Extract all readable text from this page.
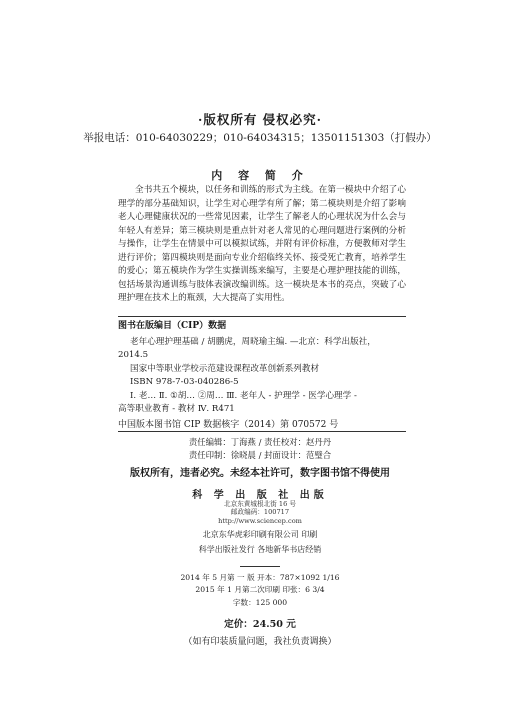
·版权所有 侵权必究·
举报电话：010-64030229；010-64034315；13501151303（打假办）
内 容 简 介

全书共五个模块，以任务和训练的形式为主线。在第一模块中介绍了心理学的部分基础知识，让学生对心理学有所了解；第二模块则是介绍了影响老人心理健康状况的一些常见因素，让学生了解老人的心理状况为什么会与年轻人有差异；第三模块则是重点针对老人常见的心理问题进行案例的分析与操作，让学生在情景中可以模拟试练，并附有评价标准，方便教师对学生进行评价；第四模块则是面向专业介绍临终关怀、接受死亡教育，培养学生的爱心；第五模块作为学生实操训练来编写，主要是心理护理技能的训练，包括场景沟通训练与肢体表演改编训练。这一模块是本书的亮点，突破了心理护理在技术上的瓶颈，大大提高了实用性。

图书在版编目（CIP）数据

老年心理护理基础 / 胡鹏虎，周晓瑜主编. —北京：科学出版社，

2014.5

国家中等职业学校示范建设课程改革创新系列教材

ISBN 978-7-03-040286-5

Ⅰ. 老… Ⅱ. ①胡… ②周… Ⅲ. 老年人 - 护理学 - 医学心理学 -

高等职业教育 - 教材 Ⅳ. R471

中国版本图书馆 CIP 数据核字（2014）第 070572 号
责任编辑：丁海燕 / 责任校对：赵丹丹
责任印制：徐晓晨 / 封面设计：范璧合
版权所有，违者必究。未经本社许可，数字图书馆不得使用
科 学 出 版 社 出版
北京东黄城根北街 16 号
邮政编码：100717
http://www.sciencep.com
北京东华虎彩印刷有限公司 印刷
科学出版社发行 各地新华书店经销
2014 年 5 月第 一 版 开本：787×1092 1/16
2015 年 1 月第二次印刷 印张：6 3/4
字数：125 000
定价：24.50 元
（如有印装质量问题，我社负责调换）
